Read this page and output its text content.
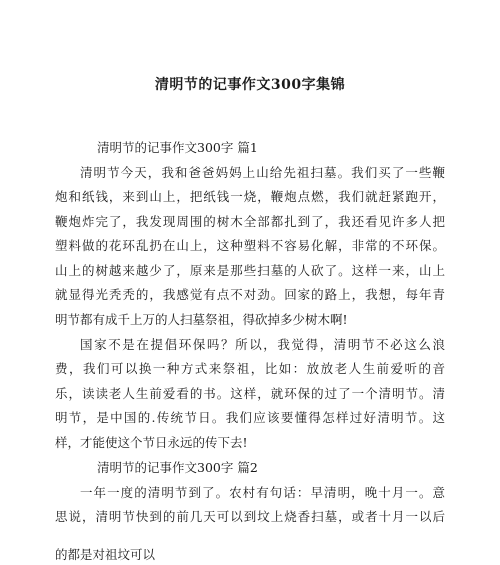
清明节的记事作文300字集锦
清明节的记事作文300字 篇1
清明节今天，我和爸爸妈妈上山给先祖扫墓。我们买了一些鞭
炮和纸钱，来到山上，把纸钱一烧，鞭炮点燃，我们就赶紧跑开，
鞭炮炸完了，我发现周围的树木全部都扎到了，我还看见许多人把
塑料做的花环乱扔在山上，这种塑料不容易化解，非常的不环保。
山上的树越来越少了，原来是那些扫墓的人砍了。这样一来，山上
就显得光秃秃的，我感觉有点不对劲。回家的路上，我想，每年青
明节都有成千上万的人扫墓祭祖，得砍掉多少树木啊!
国家不是在提倡环保吗？所以，我觉得，清明节不必这么浪
费，我们可以换一种方式来祭祖，比如：放放老人生前爱听的音
乐，读读老人生前爱看的书。这样，就环保的过了一个清明节。清
明节，是中国的.传统节日。我们应该要懂得怎样过好清明节。这
样，才能使这个节日永远的传下去!
清明节的记事作文300字 篇2
一年一度的清明节到了。农村有句话：早清明，晚十月一。意
思说，清明节快到的前几天可以到坟上烧香扫墓，或者十月一以后
的都是对祖坟可以
